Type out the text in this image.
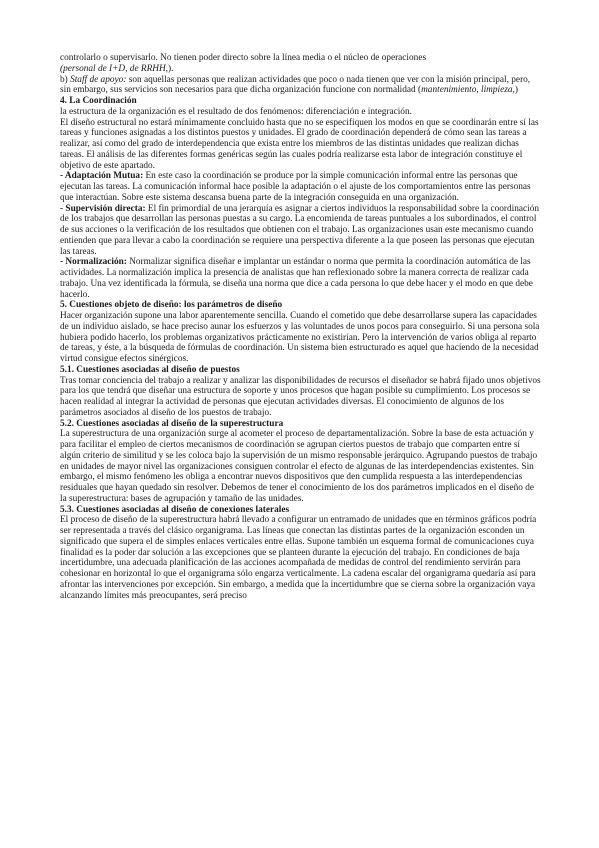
controlarlo o supervisarlo. No tienen poder directo sobre la línea media o el núcleo de operaciones

(personal de I+D, de RRHH,).

b) Staff de apoyo: son aquellas personas que realizan actividades que poco o nada tienen que ver con la misión principal, pero, sin embargo, sus servicios son necesarios para que dicha organización funcione con normalidad (mantenimiento, limpieza,)

4. La Coordinación

la estructura de la organización es el resultado de dos fenómenos: diferenciación e integración.

El diseño estructural no estará mínimamente concluido hasta que no se especifiquen los modos en que se coordinarán entre sí las tareas y funciones asignadas a los distintos puestos y unidades. El grado de coordinación dependerá de cómo sean las tareas a realizar, así como del grado de interdependencia que exista entre los miembros de las distintas unidades que realizan dichas tareas. El análisis de las diferentes formas genéricas según las cuales podría realizarse esta labor de integración constituye el objetivo de este apartado.

- Adaptación Mutua: En este caso la coordinación se produce por la simple comunicación informal entre las personas que ejecutan las tareas. La comunicación informal hace posible la adaptación o el ajuste de los comportamientos entre las personas que interactúan. Sobre este sistema descansa buena parte de la integración conseguida en una organización.

- Supervisión directa: El fin primordial de una jerarquía es asignar a ciertos individuos la responsabilidad sobre la coordinación de los trabajos que desarrollan las personas puestas a su cargo. La encomienda de tareas puntuales a los subordinados, el control de sus acciones o la verificación de los resultados que obtienen con el trabajo. Las organizaciones usan este mecanismo cuando entienden que para llevar a cabo la coordinación se requiere una perspectiva diferente a la que poseen las personas que ejecutan las tareas.

- Normalización: Normalizar significa diseñar e implantar un estándar o norma que permita la coordinación automática de las actividades. La normalización implica la presencia de analistas que han reflexionado sobre la manera correcta de realizar cada trabajo. Una vez identificada la fórmula, se diseña una norma que dice a cada persona lo que debe hacer y el modo en que debe hacerlo.

5. Cuestiones objeto de diseño: los parámetros de diseño

Hacer organización supone una labor aparentemente sencilla. Cuando el cometido que debe desarrollarse supera las capacidades de un individuo aislado, se hace preciso aunar los esfuerzos y las voluntades de unos pocos para conseguirlo. Si una persona sola hubiera podido hacerlo, los problemas organizativos prácticamente no existirían. Pero la intervención de varios obliga al reparto de tareas, y éste, a la búsqueda de fórmulas de coordinación. Un sistema bien estructurado es aquel que haciendo de la necesidad virtud consigue efectos sinérgicos.

5.1. Cuestiones asociadas al diseño de puestos

Tras tomar conciencia del trabajo a realizar y analizar las disponibilidades de recursos el diseñador se habrá fijado unos objetivos para los que tendrá que diseñar una estructura de soporte y unos procesos que hagan posible su cumplimiento. Los procesos se hacen realidad al integrar la actividad de personas que ejecutan actividades diversas. El conocimiento de algunos de los parámetros asociados al diseño de los puestos de trabajo.

5.2. Cuestiones asociadas al diseño de la superestructura

La superestructura de una organización surge al acometer el proceso de departamentalización. Sobre la base de esta actuación y para facilitar el empleo de ciertos mecanismos de coordinación se agrupan ciertos puestos de trabajo que comparten entre sí algún criterio de similitud y se les coloca bajo la supervisión de un mismo responsable jerárquico. Agrupando puestos de trabajo en unidades de mayor nivel las organizaciones consiguen controlar el efecto de algunas de las interdependencias existentes. Sin embargo, el mismo fenómeno les obliga a encontrar nuevos dispositivos que den cumplida respuesta a las interdependencias residuales que hayan quedado sin resolver. Debemos de tener el conocimiento de los dos parámetros implicados en el diseño de la superestructura: bases de agrupación y tamaño de las unidades.

5.3. Cuestiones asociadas al diseño de conexiones laterales

El proceso de diseño de la superestructura habrá llevado a configurar un entramado de unidades que en términos gráficos podría ser representada a través del clásico organigrama. Las líneas que conectan las distintas partes de la organización esconden un significado que supera el de simples enlaces verticales entre ellas. Supone también un esquema formal de comunicaciones cuya finalidad es la poder dar solución a las excepciones que se planteen durante la ejecución del trabajo. En condiciones de baja incertidumbre, una adecuada planificación de las acciones acompañada de medidas de control del rendimiento servirán para cohesionar en horizontal lo que el organigrama sólo engarza verticalmente. La cadena escalar del organigrama quedaría así para afrontar las intervenciones por excepción. Sin embargo, a medida que la incertidumbre que se cierna sobre la organización vaya alcanzando límites más preocupantes, será preciso
